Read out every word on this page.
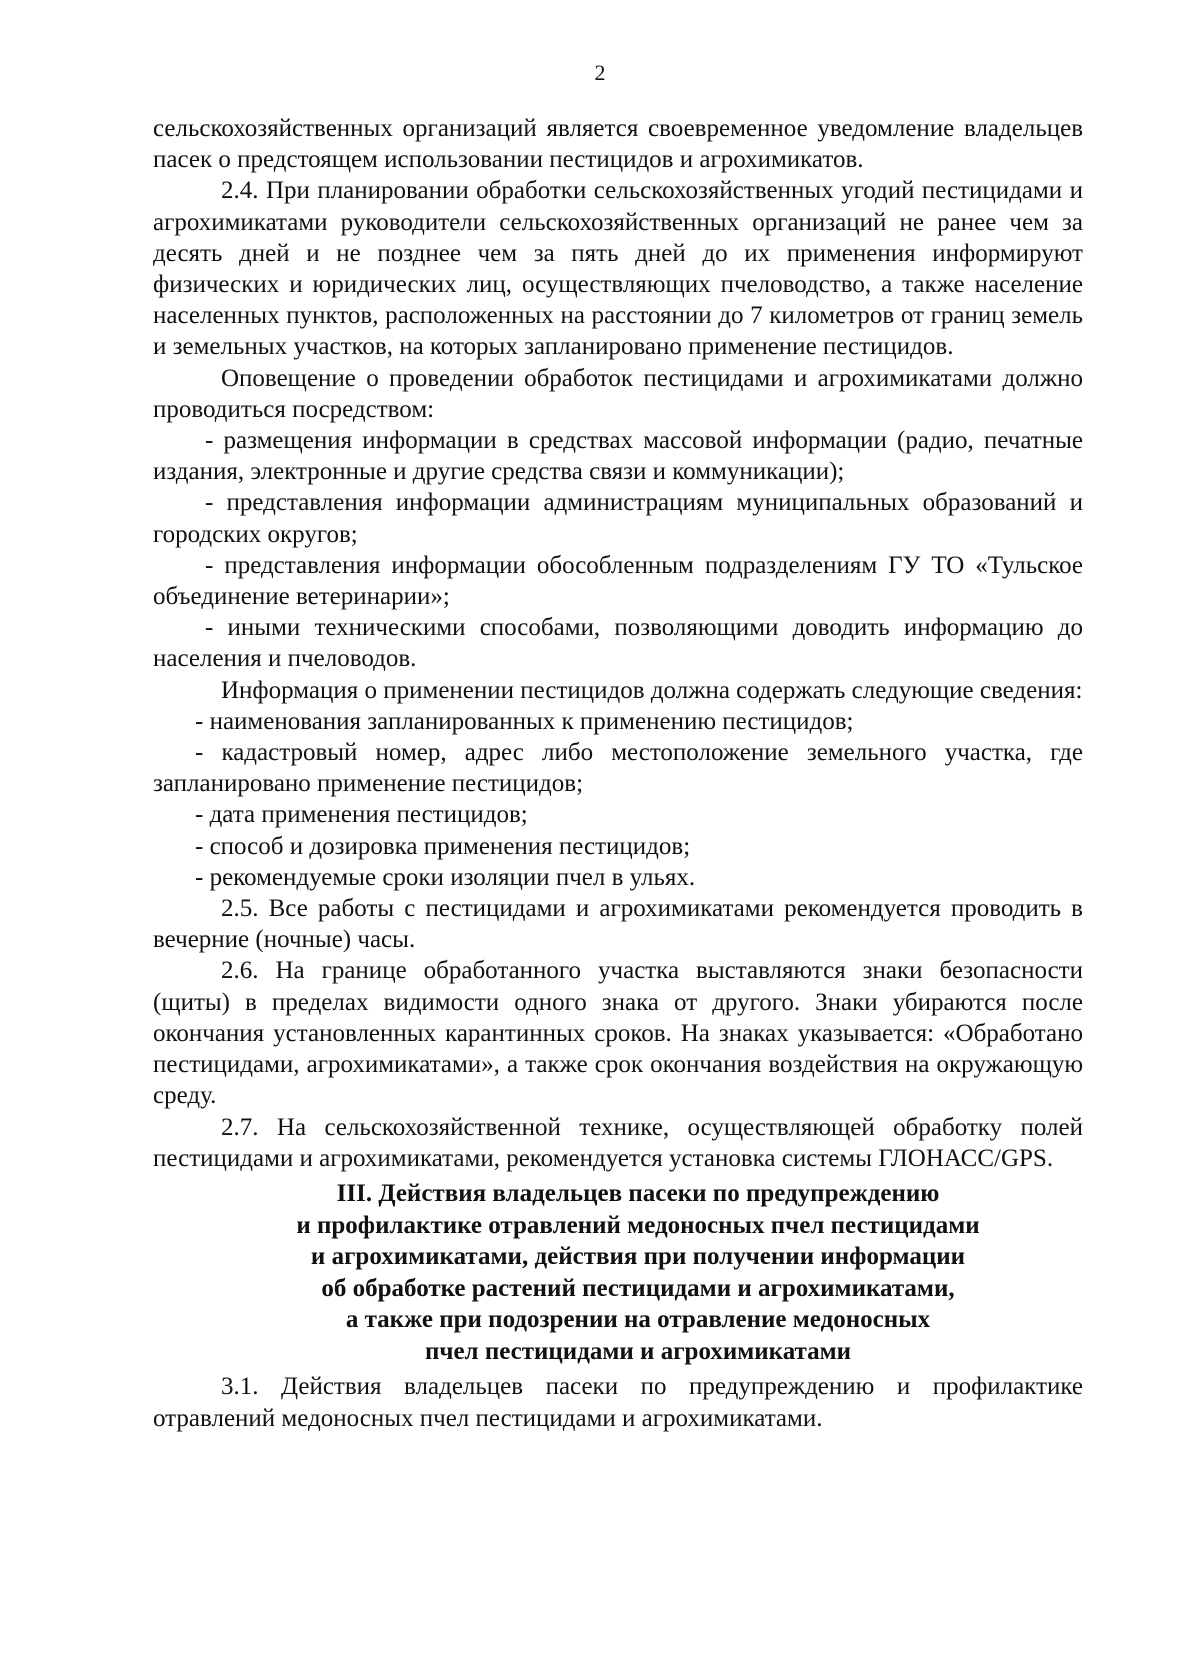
2

сельскохозяйственных организаций является своевременное уведомление владельцев пасек о предстоящем использовании пестицидов и агрохимикатов.

2.4. При планировании обработки сельскохозяйственных угодий пестицидами и агрохимикатами руководители сельскохозяйственных организаций не ранее чем за десять дней и не позднее чем за пять дней до их применения информируют физических и юридических лиц, осуществляющих пчеловодство, а также население населенных пунктов, расположенных на расстоянии до 7 километров от границ земель и земельных участков, на которых запланировано применение пестицидов.

Оповещение о проведении обработок пестицидами и агрохимикатами должно проводиться посредством:

- размещения информации в средствах массовой информации (радио, печатные издания, электронные и другие средства связи и коммуникации);

- представления информации администрациям муниципальных образований и городских округов;

- представления информации обособленным подразделениям ГУ ТО «Тульское объединение ветеринарии»;

- иными техническими способами, позволяющими доводить информацию до населения и пчеловодов.

Информация о применении пестицидов должна содержать следующие сведения:

- наименования запланированных к применению пестицидов;

- кадастровый номер, адрес либо местоположение земельного участка, где запланировано применение пестицидов;

- дата применения пестицидов;

- способ и дозировка применения пестицидов;

- рекомендуемые сроки изоляции пчел в ульях.

2.5. Все работы с пестицидами и агрохимикатами рекомендуется проводить в вечерние (ночные) часы.

2.6. На границе обработанного участка выставляются знаки безопасности (щиты) в пределах видимости одного знака от другого. Знаки убираются после окончания установленных карантинных сроков. На знаках указывается: «Обработано пестицидами, агрохимикатами», а также срок окончания воздействия на окружающую среду.

2.7. На сельскохозяйственной технике, осуществляющей обработку полей пестицидами и агрохимикатами, рекомендуется установка системы ГЛОНАСС/GPS.

III. Действия владельцев пасеки по предупреждению
и профилактике отравлений медоносных пчел пестицидами
и агрохимикатами, действия при получении информации
об обработке растений пестицидами и агрохимикатами,
а также при подозрении на отравление медоносных
пчел пестицидами и агрохимикатами

3.1. Действия владельцев пасеки по предупреждению и профилактике отравлений медоносных пчел пестицидами и агрохимикатами.
